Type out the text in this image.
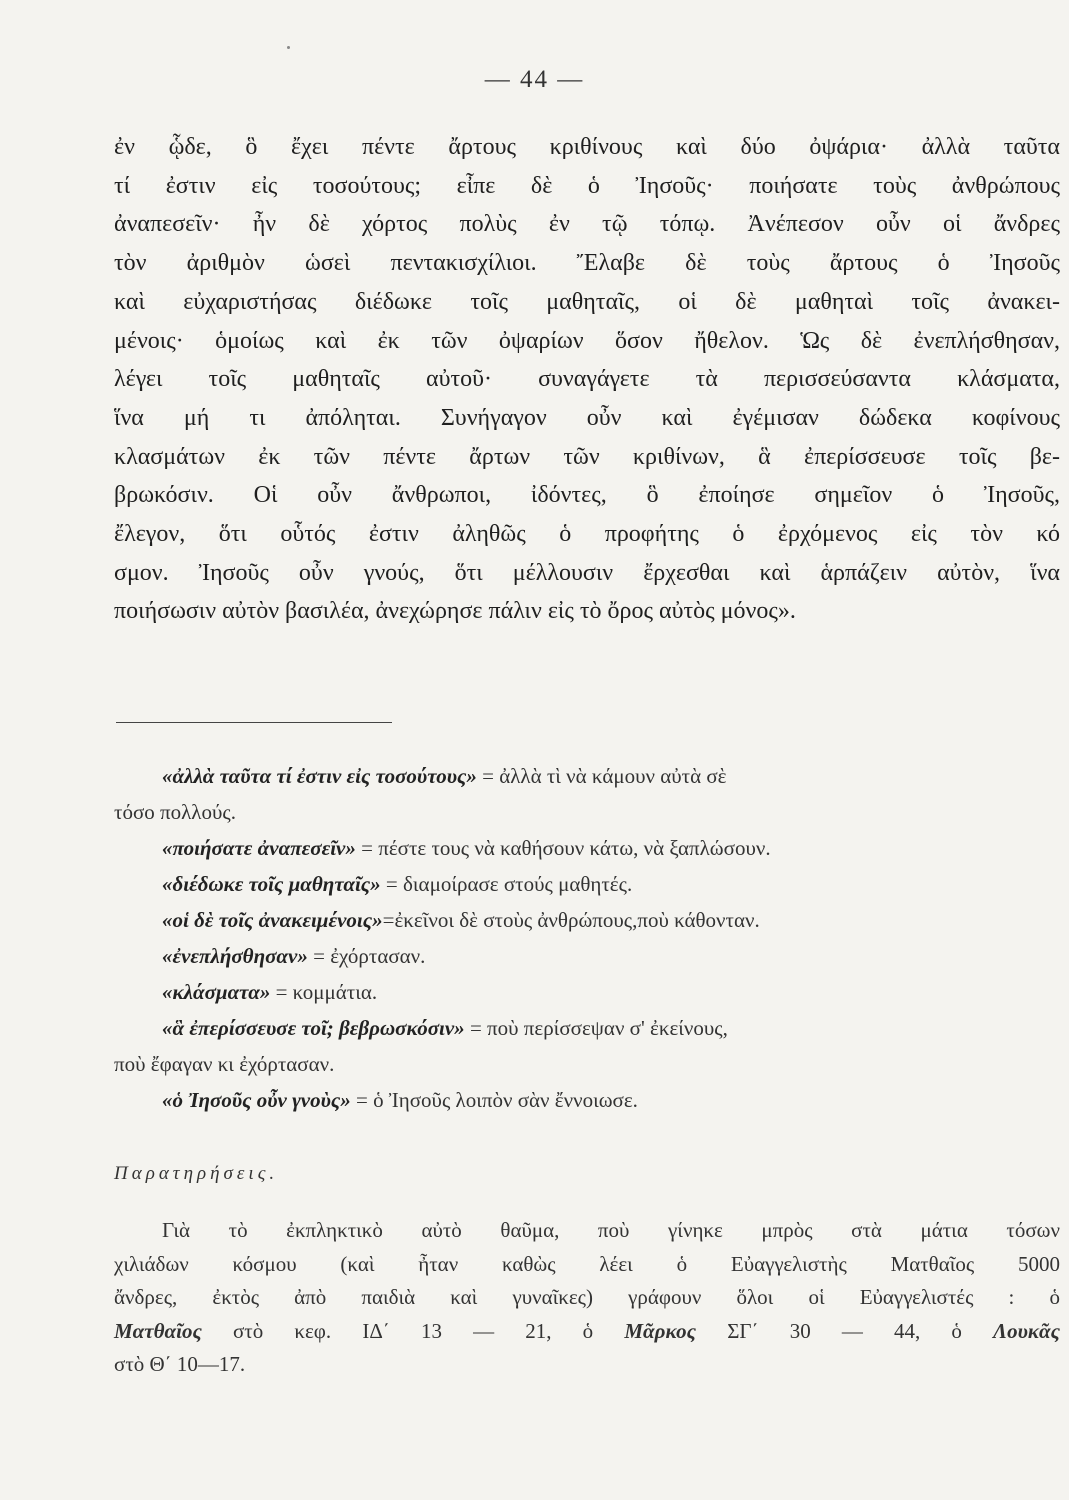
— 44 —
ἐν ᾧδε, ὃ ἔχει πέντε ἄρτους κριθίνους καὶ δύο ὀψάρια· ἀλλὰ ταῦτα
τί ἐστιν εἰς τοσούτους; εἶπε δὲ ὁ Ἰησοῦς· ποιήσατε τοὺς ἀνθρώπους
ἀναπεσεῖν· ἦν δὲ χόρτος πολὺς ἐν τῷ τόπῳ. Ἀνέπεσον οὖν οἱ ἄνδρες
τὸν ἀριθμὸν ὡσεὶ πεντακισχίλιοι. Ἔλαβε δὲ τοὺς ἄρτους ὁ Ἰησοῦς
καὶ εὐχαριστήσας διέδωκε τοῖς μαθηταῖς, οἱ δὲ μαθηταὶ τοῖς ἀνακει-
μένοις· ὁμοίως καὶ ἐκ τῶν ὀψαρίων ὅσον ἤθελον. Ὡς δὲ ἐνεπλήσθησαν,
λέγει τοῖς μαθηταῖς αὐτοῦ· συναγάγετε τὰ περισσεύσαντα κλάσματα,
ἵνα μή τι ἀπόληται. Συνήγαγον οὖν καὶ ἐγέμισαν δώδεκα κοφίνους
κλασμάτων ἐκ τῶν πέντε ἄρτων τῶν κριθίνων, ἃ ἐπερίσσευσε τοῖς βε-
βρωκόσιν. Οἱ οὖν ἄνθρωποι, ἰδόντες, ὃ ἐποίησε σημεῖον ὁ Ἰησοῦς,
ἔλεγον, ὅτι οὗτός ἐστιν ἀληθῶς ὁ προφήτης ὁ ἐρχόμενος εἰς τὸν κό
σμον. Ἰησοῦς οὖν γνούς, ὅτι μέλλουσιν ἔρχεσθαι καὶ ἁρπάζειν αὐτὸν, ἵνα
ποιήσωσιν αὐτὸν βασιλέα, ἀνεχώρησε πάλιν εἰς τὸ ὄρος αὐτὸς μόνος».
«ἀλλὰ ταῦτα τί ἐστιν εἰς τοσούτους» = ἀλλὰ τὶ νὰ κάμουν αὐτὰ σὲ
τόσο πολλούς.
«ποιήσατε ἀναπεσεῖν» = πέστε τους νὰ καθήσουν κάτω, νὰ ξαπλώσουν.
«διέδωκε τοῖς μαθηταῖς» = διαμοίρασε στούς μαθητές.
«οἱ δὲ τοῖς ἀνακειμένοις»=ἐκεῖνοι δὲ στοὺς ἀνθρώπους,ποὺ κάθονταν.
«ἐνεπλήσθησαν» = ἐχόρτασαν.
«κλάσματα» = κομμάτια.
«ἃ ἐπερίσσευσε τοῖ; βεβρωσκόσιν» = ποὺ περίσσεψαν σ' ἐκείνους,
ποὺ ἔφαγαν κι ἐχόρτασαν.
«ὁ Ἰησοῦς οὖν γνοὺς» = ὁ Ἰησοῦς λοιπὸν σὰν ἔννοιωσε.
Παρατηρήσεις.
Γιὰ τὸ ἐκπληκτικὸ αὐτὸ θαῦμα, ποὺ γίνηκε μπρὸς στὰ μάτια τόσων
χιλιάδων κόσμου (καὶ ἦταν καθὼς λέει ὁ Εὐαγγελιστὴς Ματθαῖος 5000
ἄνδρες, ἐκτὸς ἀπὸ παιδιὰ καὶ γυναῖκες) γράφουν ὅλοι οἱ Εὐαγγελιστές : ὁ
Ματθαῖος στὸ κεφ. ΙΔ΄ 13 — 21, ὁ Μᾶρκος ΣΓ΄ 30 — 44, ὁ Λουκᾶς
στὸ Θ΄ 10—17.
